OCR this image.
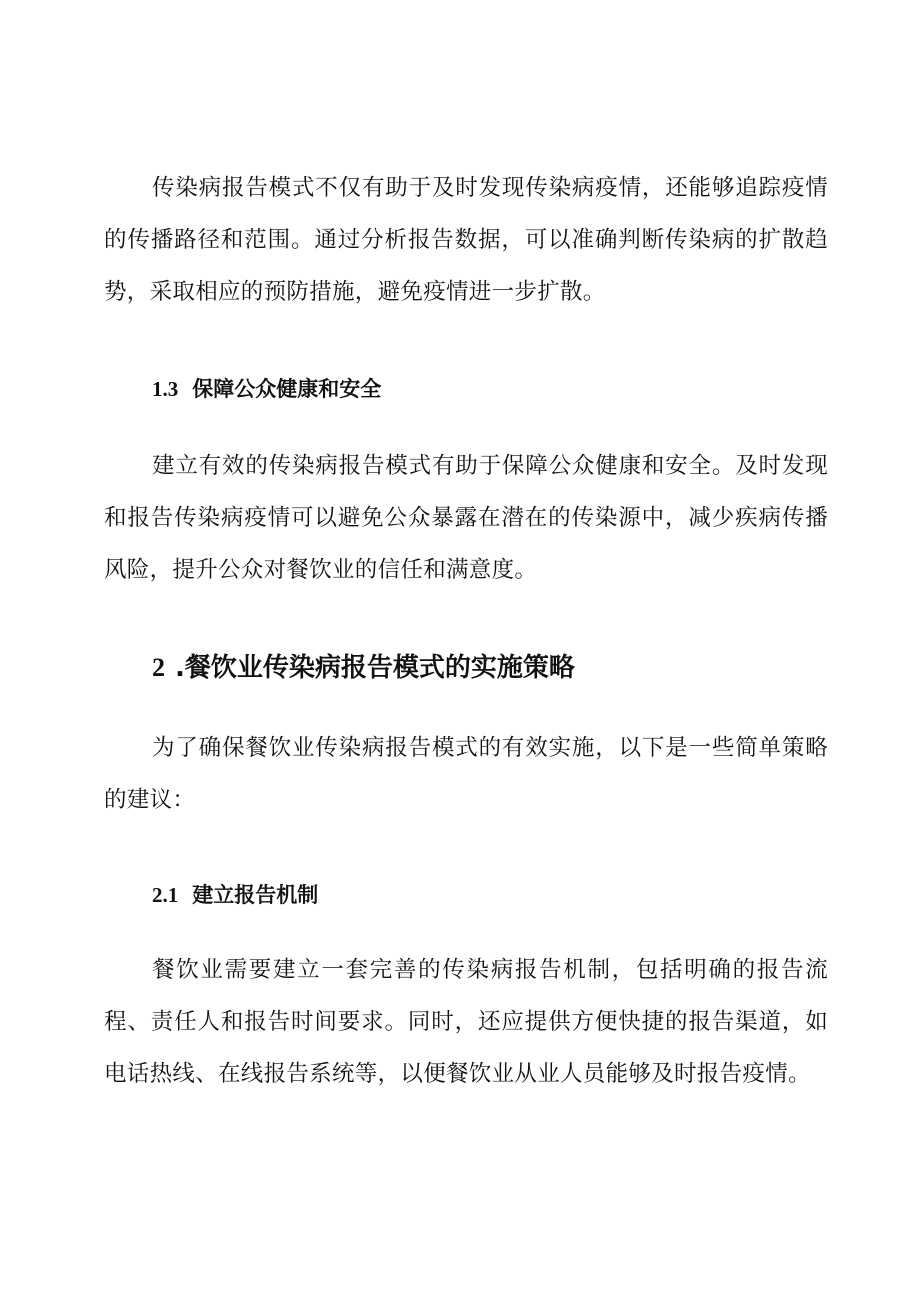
传染病报告模式不仅有助于及时发现传染病疫情，还能够追踪疫情的传播路径和范围。通过分析报告数据，可以准确判断传染病的扩散趋势，采取相应的预防措施，避免疫情进一步扩散。

1.3 保障公众健康和安全

建立有效的传染病报告模式有助于保障公众健康和安全。及时发现和报告传染病疫情可以避免公众暴露在潜在的传染源中，减少疾病传播风险，提升公众对餐饮业的信任和满意度。

2 .餐饮业传染病报告模式的实施策略

为了确保餐饮业传染病报告模式的有效实施，以下是一些简单策略的建议：

2.1 建立报告机制

餐饮业需要建立一套完善的传染病报告机制，包括明确的报告流程、责任人和报告时间要求。同时，还应提供方便快捷的报告渠道，如电话热线、在线报告系统等，以便餐饮业从业人员能够及时报告疫情。
